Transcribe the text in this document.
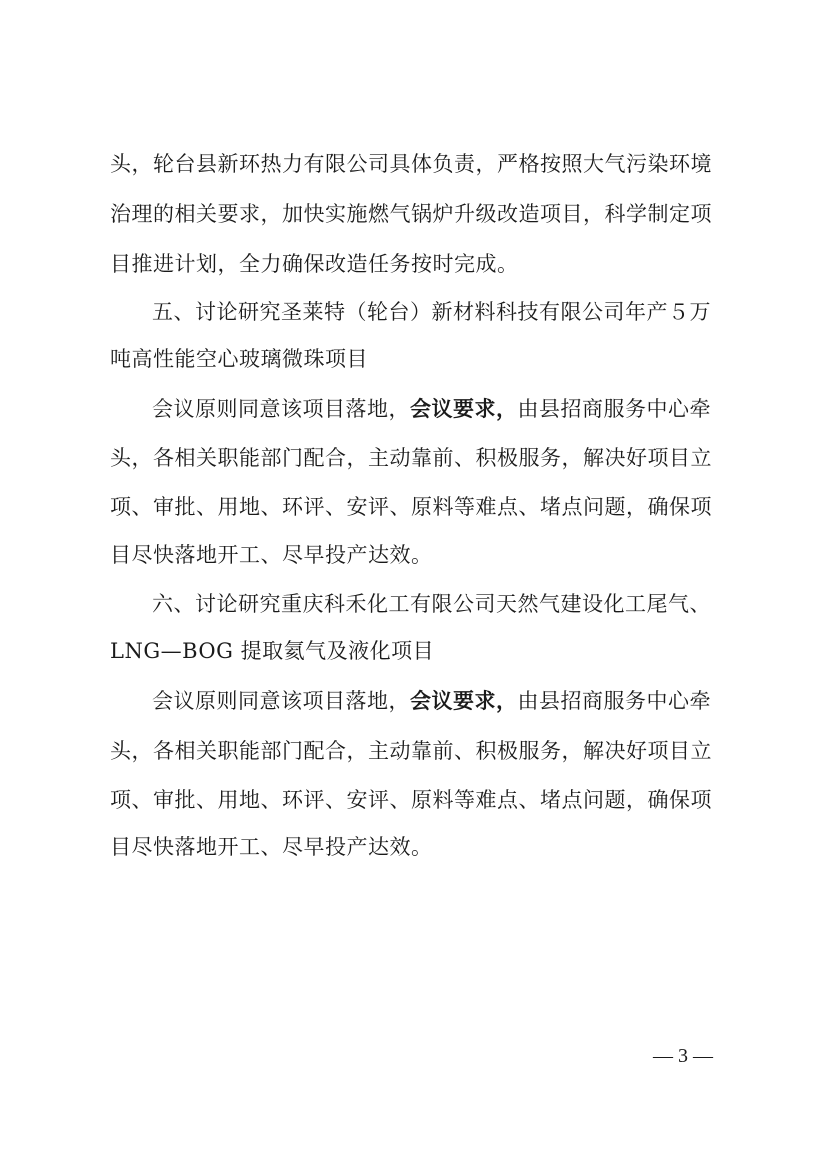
头，轮台县新环热力有限公司具体负责，严格按照大气污染环境
治理的相关要求，加快实施燃气锅炉升级改造项目，科学制定项
目推进计划，全力确保改造任务按时完成。
五、讨论研究圣莱特（轮台）新材料科技有限公司年产５万
吨高性能空心玻璃微珠项目
会议原则同意该项目落地，会议要求，由县招商服务中心牵
头，各相关职能部门配合，主动靠前、积极服务，解决好项目立
项、审批、用地、环评、安评、原料等难点、堵点问题，确保项
目尽快落地开工、尽早投产达效。
六、讨论研究重庆科禾化工有限公司天然气建设化工尾气、
LNG—BOG 提取氦气及液化项目
会议原则同意该项目落地，会议要求，由县招商服务中心牵
头，各相关职能部门配合，主动靠前、积极服务，解决好项目立
项、审批、用地、环评、安评、原料等难点、堵点问题，确保项
目尽快落地开工、尽早投产达效。
— 3 —
